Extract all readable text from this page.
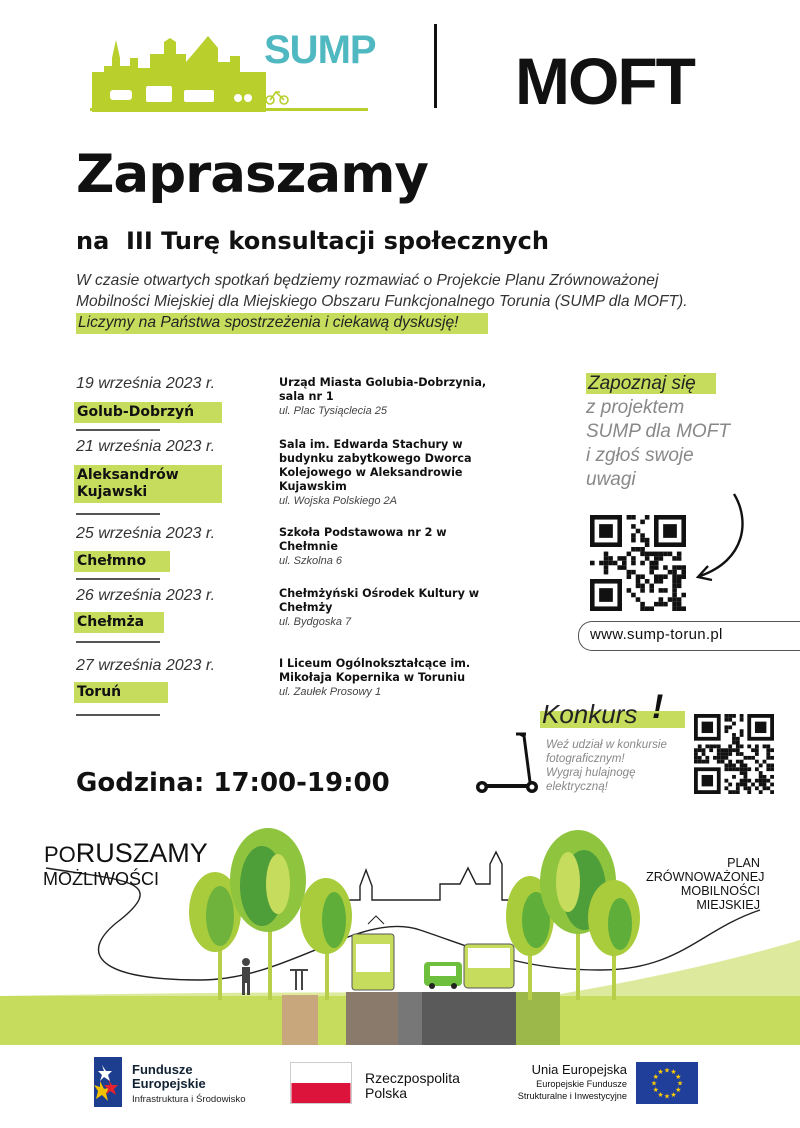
SUMP MOFT
Zapraszamy
na  III Turę konsultacji społecznych
W czasie otwartych spotkań będziemy rozmawiać o Projekcie Planu Zrównoważonej Mobilności Miejskiej dla Miejskiego Obszaru Funkcjonalnego Torunia (SUMP dla MOFT). Liczymy na Państwa spostrzeżenia i ciekawą dyskusję!
19 września 2023 r.
Golub-Dobrzyń
Urząd Miasta Golubia-Dobrzynia, sala nr 1
ul. Plac Tysiąclecia 25
21 września 2023 r.
Aleksandrów Kujawski
Sala im. Edwarda Stachury w budynku zabytkowego Dworca Kolejowego w Aleksandrowie Kujawskim
ul. Wojska Polskiego 2A
25 września 2023 r.
Chełmno
Szkoła Podstawowa nr 2 w Chełmnie
ul. Szkolna 6
26 września 2023 r.
Chełmża
Chełmżyński Ośrodek Kultury w Chełmży
ul. Bydgoska 7
27 września 2023 r.
Toruń
I Liceum Ogólnokształcące im. Mikołaja Kopernika w Toruniu
ul. Zaułek Prosowy 1
Zapoznaj się
z projektem
SUMP dla MOFT
i zgłoś swoje
uwagi
www.sump-torun.pl
Konkurs !
Weź udział w konkursie
fotograficznym!
Wygraj hulajnogę
elektryczną!
Godzina: 17:00-19:00
PORUSZAMY
MOŻLIWOŚCI
PLAN
ZRÓWNOWAŻONEJ
MOBILNOŚCI
MIEJSKIEJ
Fundusze
Europejskie
Infrastruktura i Środowisko
Rzeczpospolita
Polska
Unia Europejska
Europejskie Fundusze
Strukturalne i Inwestycyjne
★
★
★
★
★
★
★
★
★ ★ ★
★
